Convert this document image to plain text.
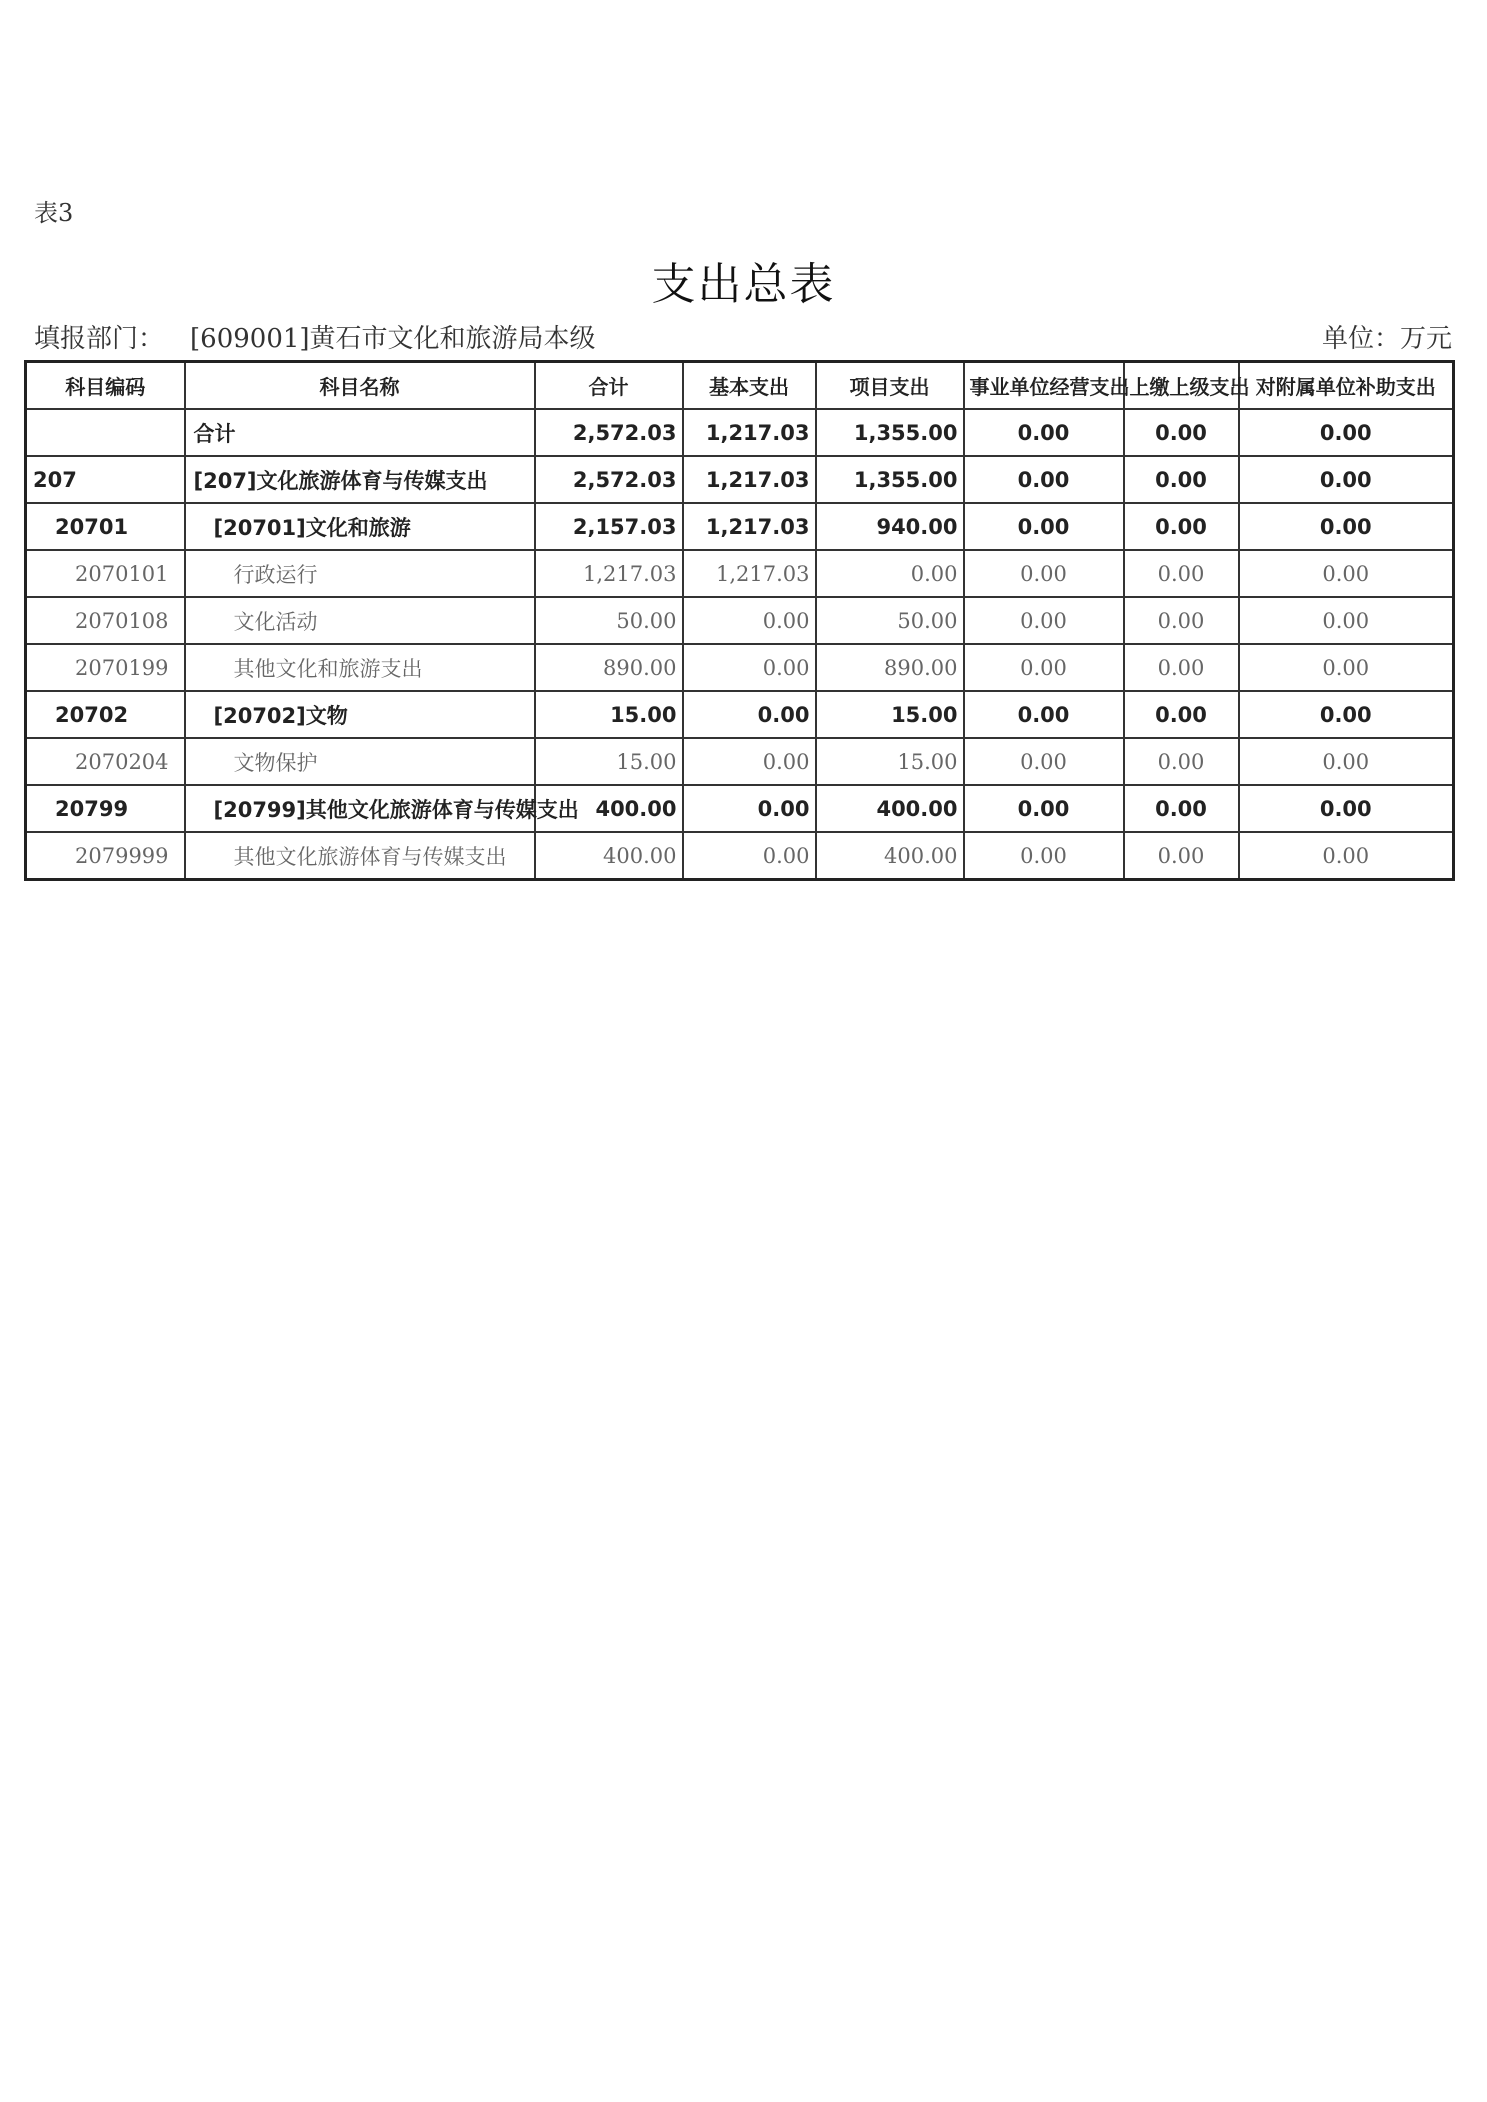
表3
支出总表
填报部门： [609001]黄石市文化和旅游局本级	单位：万元
科目编码	科目名称	合计	基本支出	项目支出	事业单位经营支出	上缴上级支出	对附属单位补助支出
	合计	2,572.03	1,217.03	1,355.00	0.00	0.00	0.00
207	[207]文化旅游体育与传媒支出	2,572.03	1,217.03	1,355.00	0.00	0.00	0.00
20701	[20701]文化和旅游	2,157.03	1,217.03	940.00	0.00	0.00	0.00
2070101	行政运行	1,217.03	1,217.03	0.00	0.00	0.00	0.00
2070108	文化活动	50.00	0.00	50.00	0.00	0.00	0.00
2070199	其他文化和旅游支出	890.00	0.00	890.00	0.00	0.00	0.00
20702	[20702]文物	15.00	0.00	15.00	0.00	0.00	0.00
2070204	文物保护	15.00	0.00	15.00	0.00	0.00	0.00
20799	[20799]其他文化旅游体育与传媒支出	400.00	0.00	400.00	0.00	0.00	0.00
2079999	其他文化旅游体育与传媒支出	400.00	0.00	400.00	0.00	0.00	0.00
